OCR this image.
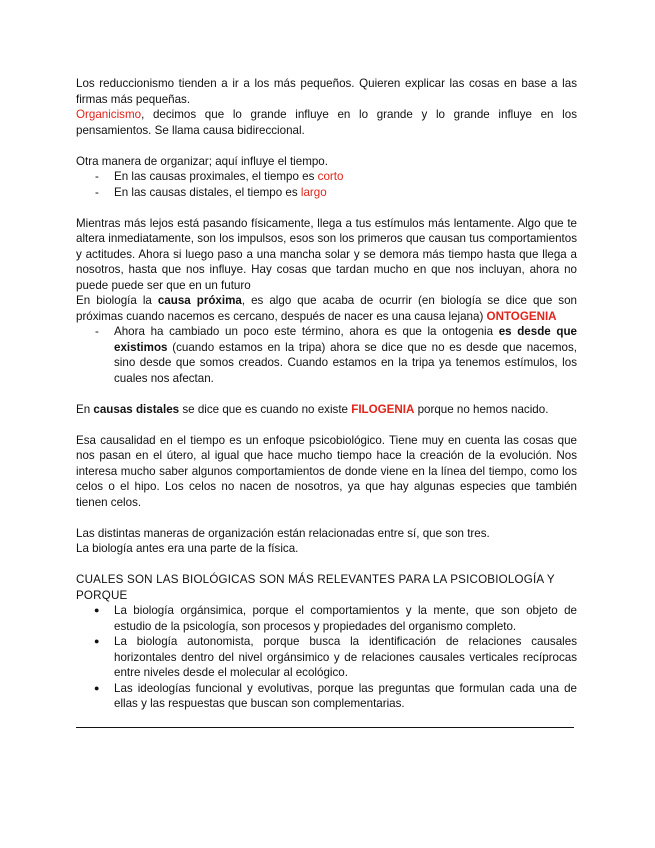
Los reduccionismo tienden a ir a los más pequeños. Quieren explicar las cosas en base a las firmas más pequeñas.

Organicismo, decimos que lo grande influye en lo grande y lo grande influye en los pensamientos. Se llama causa bidireccional.

Otra manera de organizar; aquí influye el tiempo.

- En las causas proximales, el tiempo es corto
- En las causas distales, el tiempo es largo

Mientras más lejos está pasando físicamente, llega a tus estímulos más lentamente. Algo que te altera inmediatamente, son los impulsos, esos son los primeros que causan tus comportamientos y actitudes. Ahora si luego paso a una mancha solar y se demora más tiempo hasta que llega a nosotros, hasta que nos influye. Hay cosas que tardan mucho en que nos incluyan, ahora no puede puede ser que en un futuro

En biología la causa próxima, es algo que acaba de ocurrir (en biología se dice que son próximas cuando nacemos es cercano, después de nacer es una causa lejana) ONTOGENIA

- Ahora ha cambiado un poco este término, ahora es que la ontogenia es desde que existimos (cuando estamos en la tripa) ahora se dice que no es desde que nacemos, sino desde que somos creados. Cuando estamos en la tripa ya tenemos estímulos, los cuales nos afectan.

En causas distales se dice que es cuando no existe FILOGENIA porque no hemos nacido.

Esa causalidad en el tiempo es un enfoque psicobiológico. Tiene muy en cuenta las cosas que nos pasan en el útero, al igual que hace mucho tiempo hace la creación de la evolución. Nos interesa mucho saber algunos comportamientos de donde viene en la línea del tiempo, como los celos o el hipo. Los celos no nacen de nosotros, ya que hay algunas especies que también tienen celos.

Las distintas maneras de organización están relacionadas entre sí, que son tres.

La biología antes era una parte de la física.

CUALES SON LAS BIOLÓGICAS SON MÁS RELEVANTES PARA LA PSICOBIOLOGÍA Y PORQUE

● La biología orgánsimica, porque el comportamientos y la mente, que son objeto de estudio de la psicología, son procesos y propiedades del organismo completo.
● La biología autonomista, porque busca la identificación de relaciones causales horizontales dentro del nivel orgánsimico y de relaciones causales verticales recíprocas entre niveles desde el molecular al ecológico.
● Las ideologías funcional y evolutivas, porque las preguntas que formulan cada una de ellas y las respuestas que buscan son complementarias.
